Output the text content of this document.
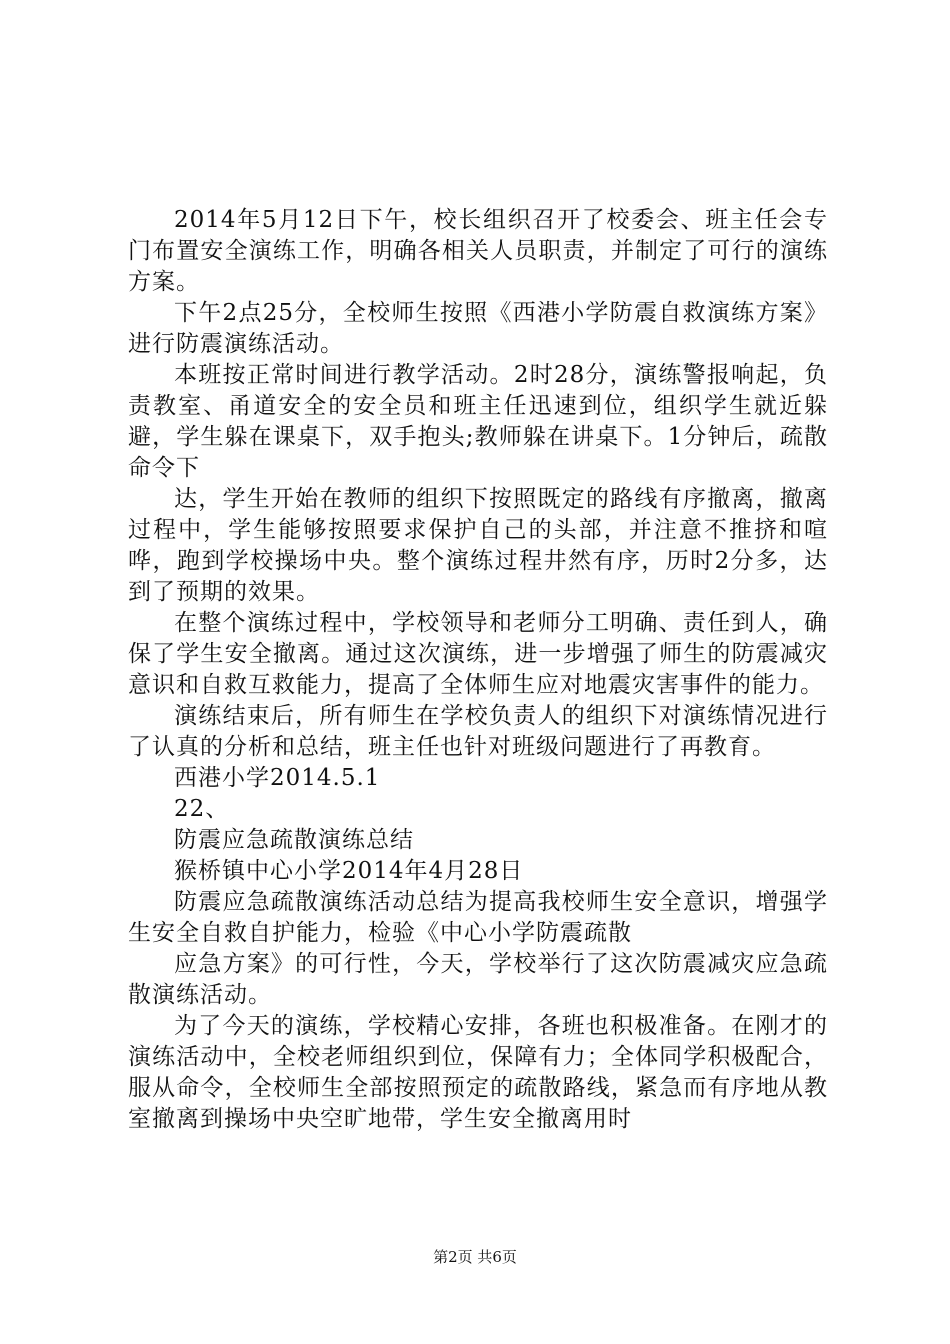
2014年5月12日下午，校长组织召开了校委会、班主任会专门布置安全演练工作，明确各相关人员职责，并制定了可行的演练方案。

下午2点25分，全校师生按照《西港小学防震自救演练方案》进行防震演练活动。

本班按正常时间进行教学活动。2时28分，演练警报响起，负责教室、甬道安全的安全员和班主任迅速到位，组织学生就近躲避，学生躲在课桌下，双手抱头;教师躲在讲桌下。1分钟后，疏散命令下

达，学生开始在教师的组织下按照既定的路线有序撤离，撤离过程中，学生能够按照要求保护自己的头部，并注意不推挤和喧哗，跑到学校操场中央。整个演练过程井然有序，历时2分多，达到了预期的效果。

在整个演练过程中，学校领导和老师分工明确、责任到人，确保了学生安全撤离。通过这次演练，进一步增强了师生的防震减灾意识和自救互救能力，提高了全体师生应对地震灾害事件的能力。

演练结束后，所有师生在学校负责人的组织下对演练情况进行了认真的分析和总结，班主任也针对班级问题进行了再教育。

西港小学2014.5.1

22、

防震应急疏散演练总结

猴桥镇中心小学2014年4月28日

防震应急疏散演练活动总结为提高我校师生安全意识，增强学生安全自救自护能力，检验《中心小学防震疏散

应急方案》的可行性，今天，学校举行了这次防震减灾应急疏散演练活动。

为了今天的演练，学校精心安排，各班也积极准备。在刚才的演练活动中，全校老师组织到位，保障有力；全体同学积极配合，服从命令，全校师生全部按照预定的疏散路线，紧急而有序地从教室撤离到操场中央空旷地带，学生安全撤离用时

第2页 共6页
